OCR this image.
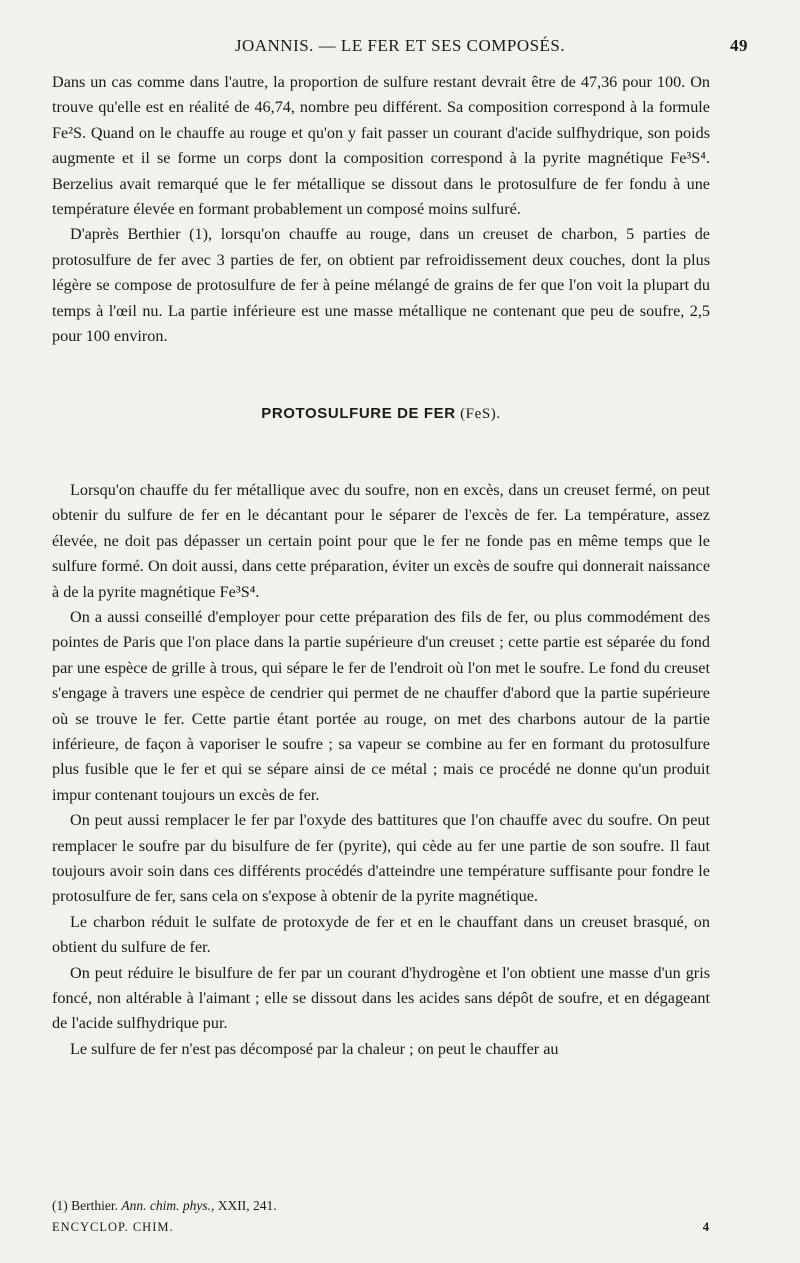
JOANNIS. — LE FER ET SES COMPOSÉS.	49

Dans un cas comme dans l'autre, la proportion de sulfure restant devrait être de 47,36 pour 100. On trouve qu'elle est en réalité de 46,74, nombre peu différent. Sa composition correspond à la formule Fe²S. Quand on le chauffe au rouge et qu'on y fait passer un courant d'acide sulfhydrique, son poids augmente et il se forme un corps dont la composition correspond à la pyrite magnétique Fe³S⁴. Berzelius avait remarqué que le fer métallique se dissout dans le protosulfure de fer fondu à une température élevée en formant probablement un composé moins sulfuré.

D'après Berthier (1), lorsqu'on chauffe au rouge, dans un creuset de charbon, 5 parties de protosulfure de fer avec 3 parties de fer, on obtient par refroidissement deux couches, dont la plus légère se compose de protosulfure de fer à peine mélangé de grains de fer que l'on voit la plupart du temps à l'œil nu. La partie inférieure est une masse métallique ne contenant que peu de soufre, 2,5 pour 100 environ.

PROTOSULFURE DE FER (FeS).

Lorsqu'on chauffe du fer métallique avec du soufre, non en excès, dans un creuset fermé, on peut obtenir du sulfure de fer en le décantant pour le séparer de l'excès de fer. La température, assez élevée, ne doit pas dépasser un certain point pour que le fer ne fonde pas en même temps que le sulfure formé. On doit aussi, dans cette préparation, éviter un excès de soufre qui donnerait naissance à de la pyrite magnétique Fe³S⁴.

On a aussi conseillé d'employer pour cette préparation des fils de fer, ou plus commodément des pointes de Paris que l'on place dans la partie supérieure d'un creuset ; cette partie est séparée du fond par une espèce de grille à trous, qui sépare le fer de l'endroit où l'on met le soufre. Le fond du creuset s'engage à travers une espèce de cendrier qui permet de ne chauffer d'abord que la partie supérieure où se trouve le fer. Cette partie étant portée au rouge, on met des charbons autour de la partie inférieure, de façon à vaporiser le soufre ; sa vapeur se combine au fer en formant du protosulfure plus fusible que le fer et qui se sépare ainsi de ce métal ; mais ce procédé ne donne qu'un produit impur contenant toujours un excès de fer.

On peut aussi remplacer le fer par l'oxyde des battitures que l'on chauffe avec du soufre. On peut remplacer le soufre par du bisulfure de fer (pyrite), qui cède au fer une partie de son soufre. Il faut toujours avoir soin dans ces différents procédés d'atteindre une température suffisante pour fondre le protosulfure de fer, sans cela on s'expose à obtenir de la pyrite magnétique.

Le charbon réduit le sulfate de protoxyde de fer et en le chauffant dans un creuset brasqué, on obtient du sulfure de fer.

On peut réduire le bisulfure de fer par un courant d'hydrogène et l'on obtient une masse d'un gris foncé, non altérable à l'aimant ; elle se dissout dans les acides sans dépôt de soufre, et en dégageant de l'acide sulfhydrique pur.

Le sulfure de fer n'est pas décomposé par la chaleur ; on peut le chauffer au

(1) Berthier. Ann. chim. phys., XXII, 241.
ENCYCLOP. CHIM.	4
